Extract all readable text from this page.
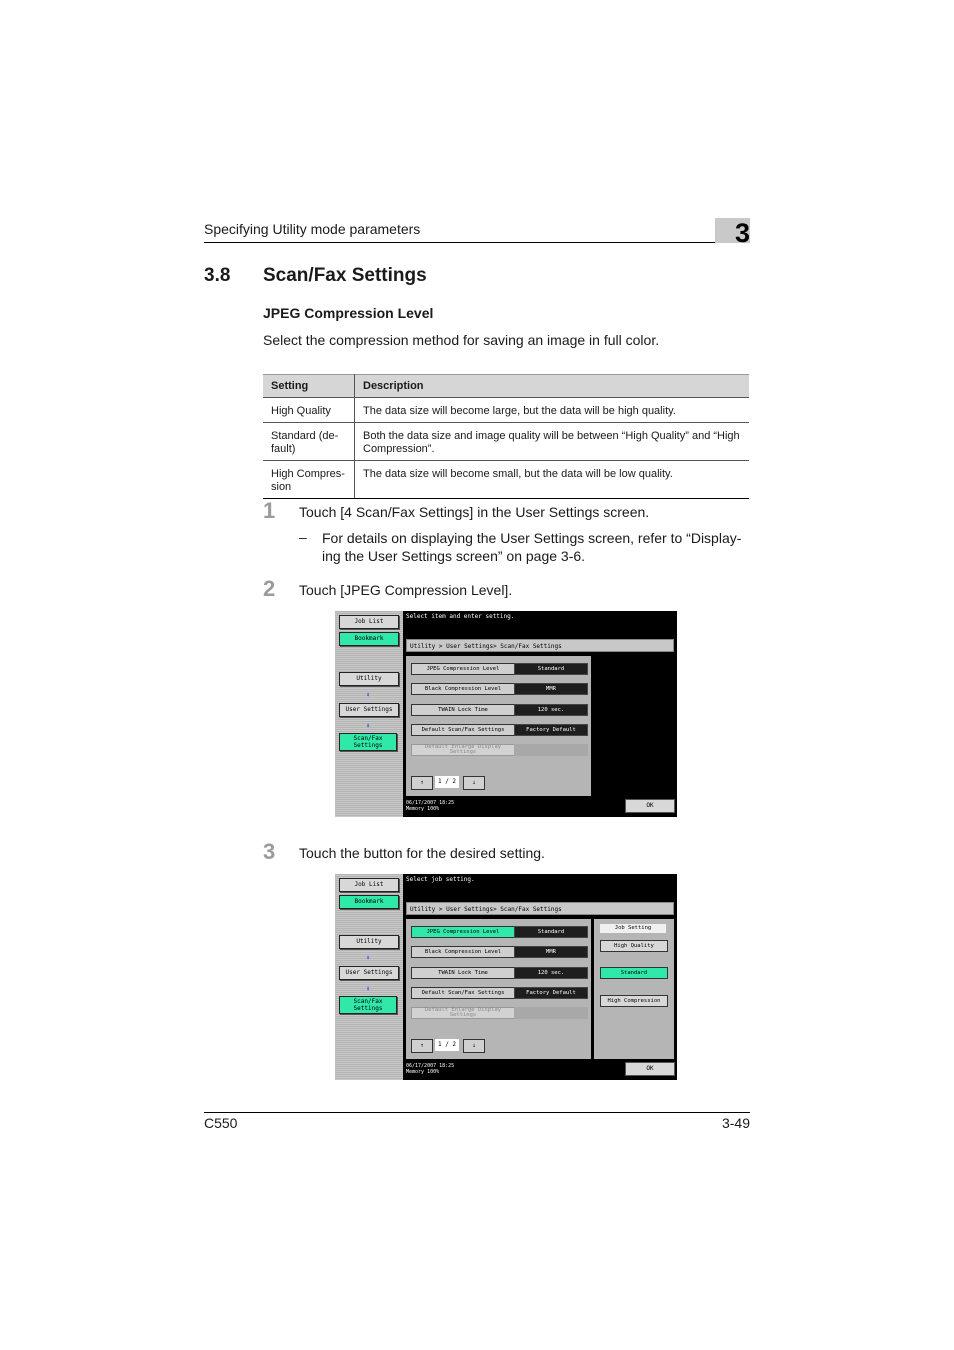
Specifying Utility mode parameters	3
3.8 Scan/Fax Settings
JPEG Compression Level
Select the compression method for saving an image in full color.
Setting	Description
High Quality	The data size will become large, but the data will be high quality.
Standard (de-
fault)	Both the data size and image quality will be between “High Quality” and “High Compression”.
High Compres-
sion	The data size will become small, but the data will be low quality.
1 Touch [4 Scan/Fax Settings] in the User Settings screen.
– For details on displaying the User Settings screen, refer to “Display-ing the User Settings screen” on page 3-6.
2 Touch [JPEG Compression Level].
Job List
Bookmark
Utility
⬇
User Settings
⬇
Scan/Fax
Settings
Select item and enter setting.
Utility > User Settings> Scan/Fax Settings
JPEG Compression Level	Standard
Black Compression Level	MMR
TWAIN Lock Time	120 sec.
Default Scan/Fax Settings	Factory Default
Default Enlarge Display Settings
↑	1 / 2	↓
06/17/2007 18:25
Memory 100%	OK
3 Touch the button for the desired setting.
Job List
Bookmark
Utility
⬇
User Settings
⬇
Scan/Fax
Settings
Select job setting.
Utility > User Settings> Scan/Fax Settings
JPEG Compression Level	Standard
Black Compression Level	MMR
TWAIN Lock Time	120 sec.
Default Scan/Fax Settings	Factory Default
Default Enlarge Display Settings
↑	1 / 2	↓
Job Setting
High Quality
Standard
High Compression
06/17/2007 18:25
Memory 100%	OK
C550	3-49
